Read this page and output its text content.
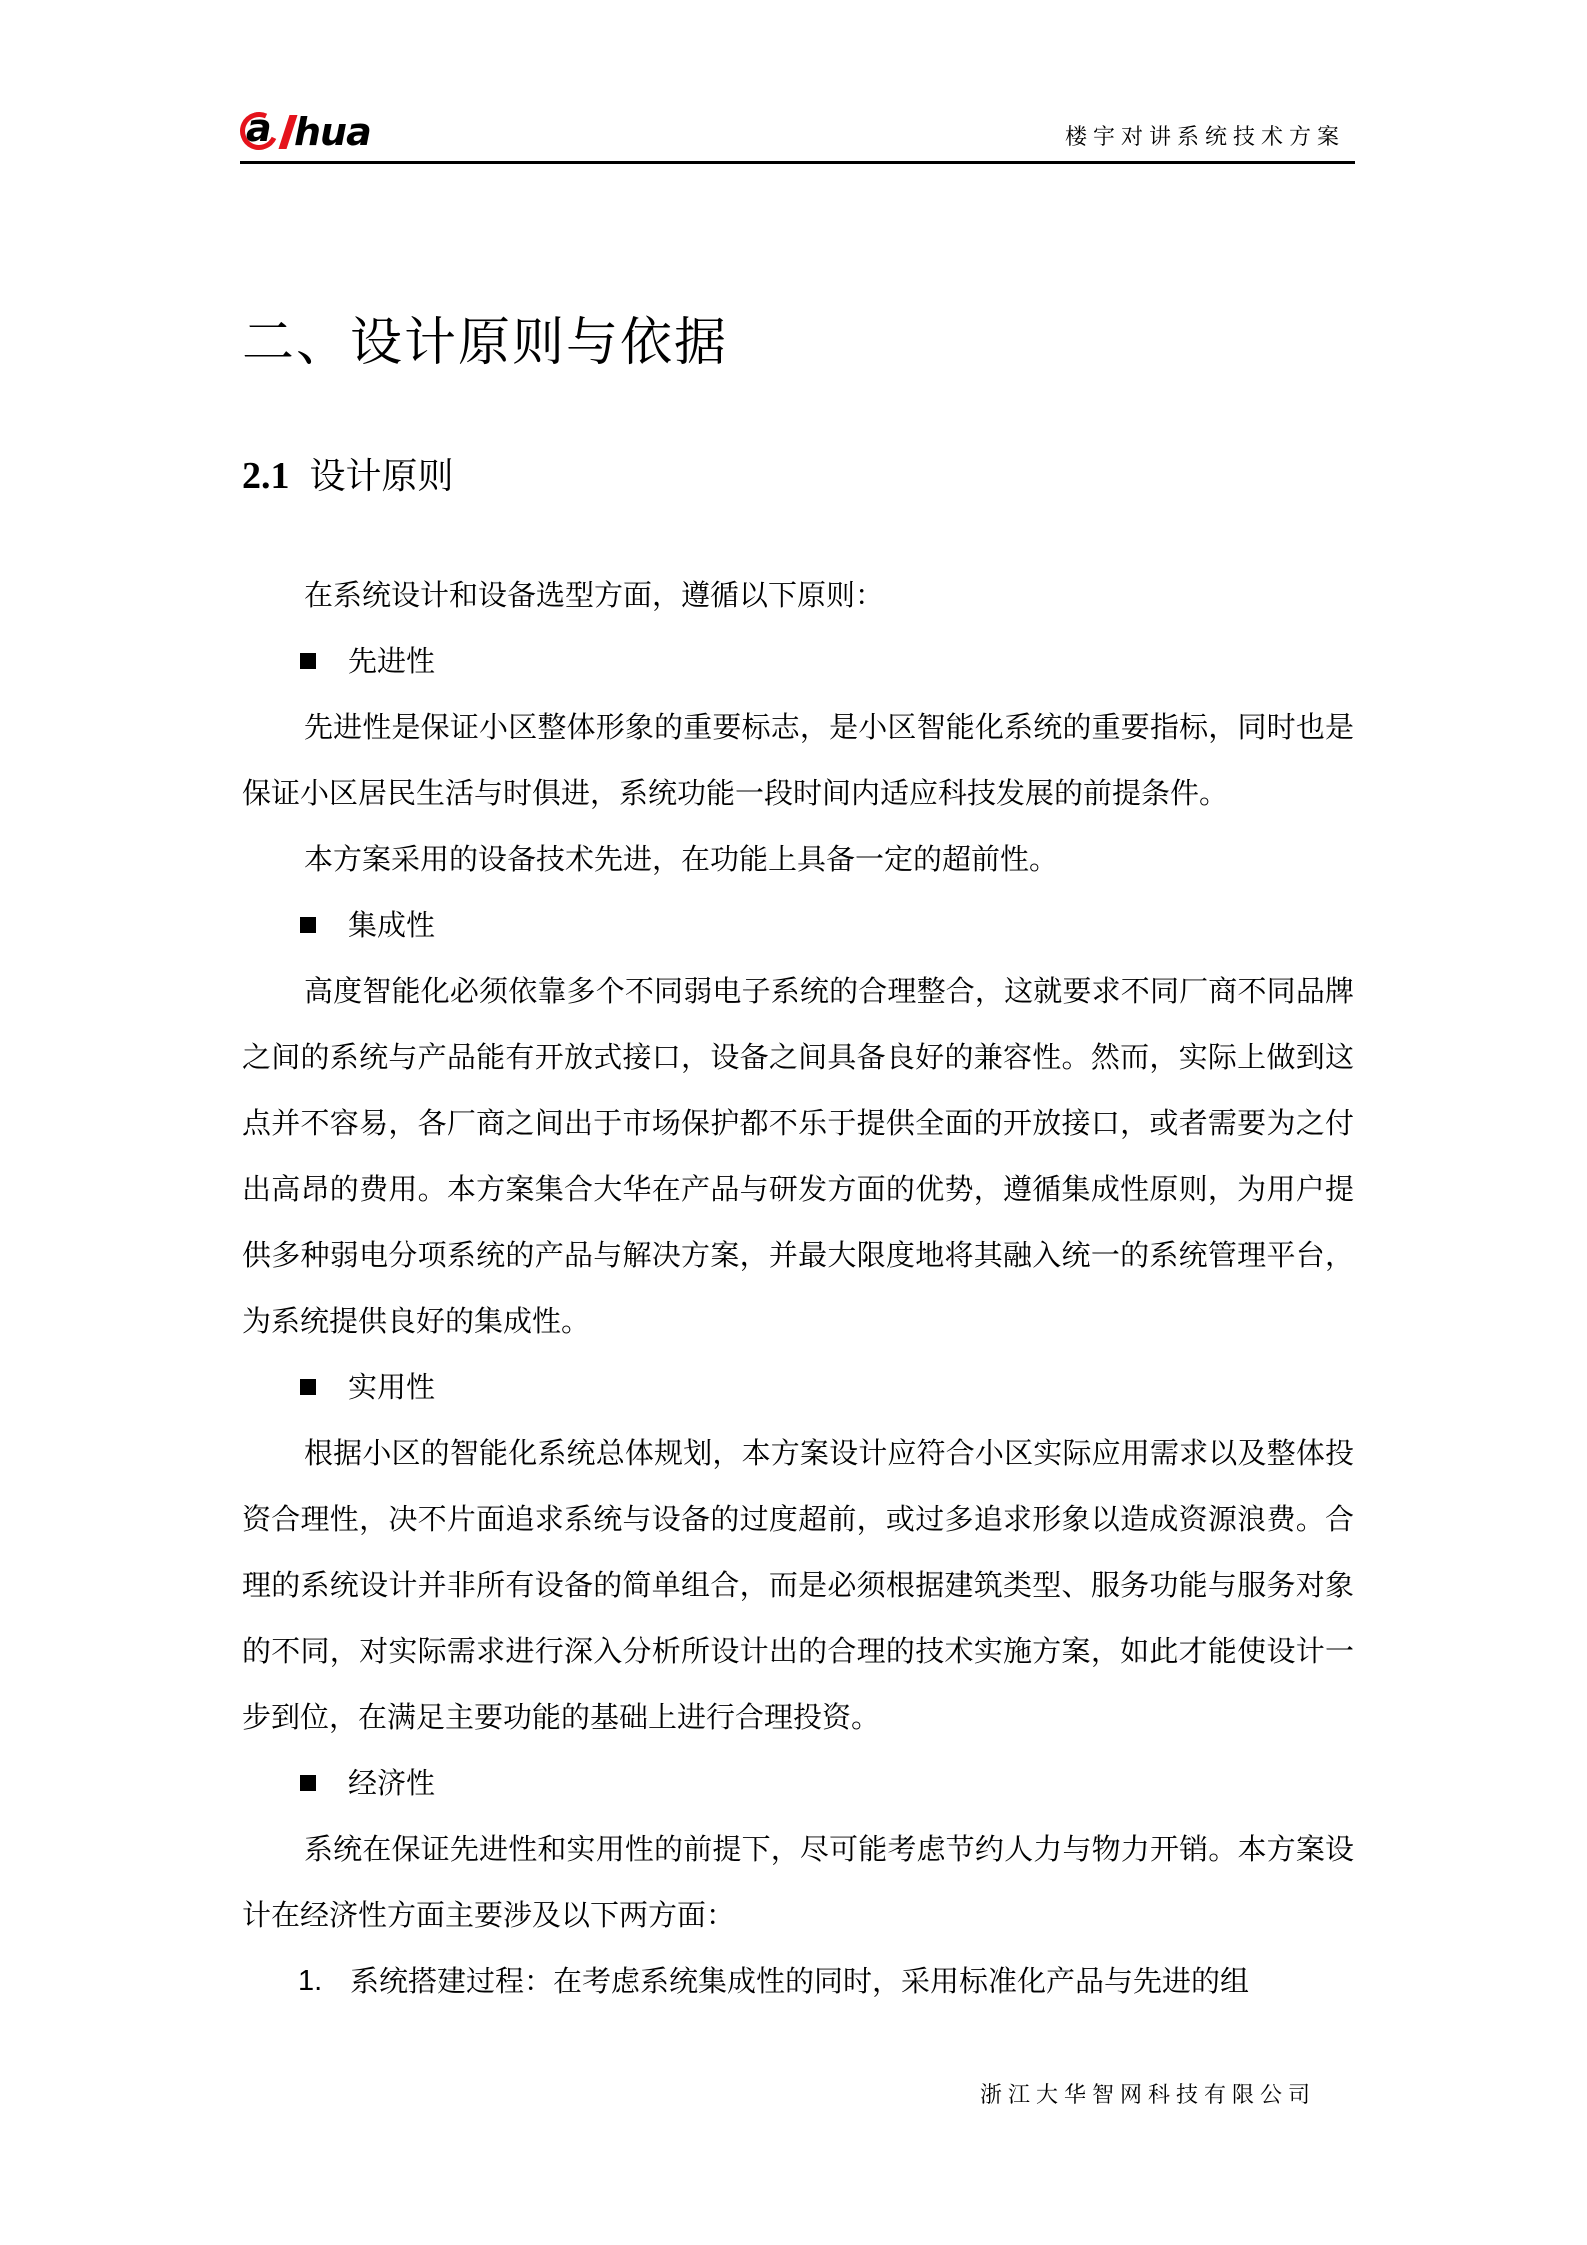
a hua	楼宇对讲系统技术方案
二、设计原则与依据
2.1 设计原则

在系统设计和设备选型方面，遵循以下原则：

先进性

先进性是保证小区整体形象的重要标志，是小区智能化系统的重要指标，同时也是保证小区居民生活与时俱进，系统功能一段时间内适应科技发展的前提条件。

本方案采用的设备技术先进，在功能上具备一定的超前性。

集成性

高度智能化必须依靠多个不同弱电子系统的合理整合，这就要求不同厂商不同品牌之间的系统与产品能有开放式接口，设备之间具备良好的兼容性。然而，实际上做到这点并不容易，各厂商之间出于市场保护都不乐于提供全面的开放接口，或者需要为之付出高昂的费用。本方案集合大华在产品与研发方面的优势，遵循集成性原则，为用户提供多种弱电分项系统的产品与解决方案，并最大限度地将其融入统一的系统管理平台，为系统提供良好的集成性。

实用性

根据小区的智能化系统总体规划，本方案设计应符合小区实际应用需求以及整体投资合理性，决不片面追求系统与设备的过度超前，或过多追求形象以造成资源浪费。合理的系统设计并非所有设备的简单组合，而是必须根据建筑类型、服务功能与服务对象的不同，对实际需求进行深入分析所设计出的合理的技术实施方案，如此才能使设计一步到位，在满足主要功能的基础上进行合理投资。

经济性

系统在保证先进性和实用性的前提下，尽可能考虑节约人力与物力开销。本方案设计在经济性方面主要涉及以下两方面：

1. 系统搭建过程：在考虑系统集成性的同时，采用标准化产品与先进的组
浙江大华智网科技有限公司
